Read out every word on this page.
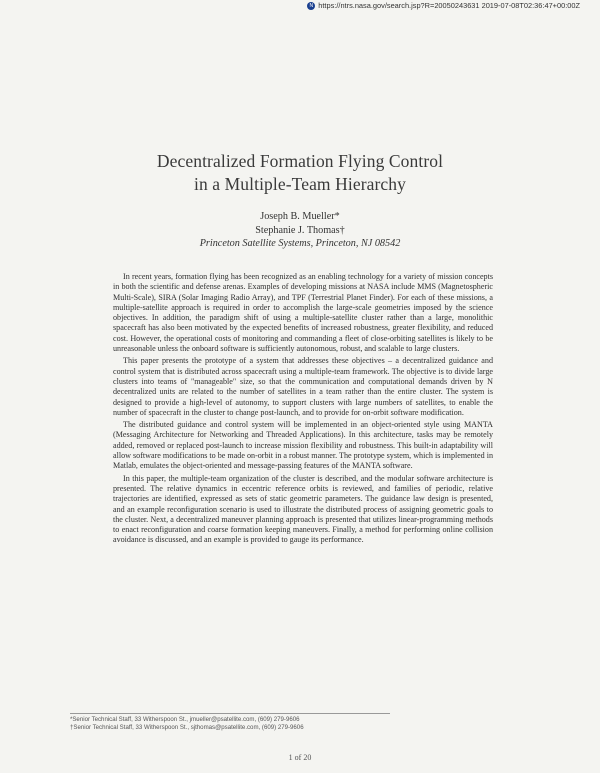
N https://ntrs.nasa.gov/search.jsp?R=20050243631 2019-07-08T02:36:47+00:00Z
Decentralized Formation Flying Control
in a Multiple-Team Hierarchy
Joseph B. Mueller*
Stephanie J. Thomas†
Princeton Satellite Systems, Princeton, NJ 08542

In recent years, formation flying has been recognized as an enabling technology for a variety of mission concepts in both the scientific and defense arenas. Examples of developing missions at NASA include MMS (Magnetospheric Multi-Scale), SIRA (Solar Imaging Radio Array), and TPF (Terrestrial Planet Finder). For each of these missions, a multiple-satellite approach is required in order to accomplish the large-scale geometries imposed by the science objectives. In addition, the paradigm shift of using a multiple-satellite cluster rather than a large, monolithic spacecraft has also been motivated by the expected benefits of increased robustness, greater flexibility, and reduced cost. However, the operational costs of monitoring and commanding a fleet of close-orbiting satellites is likely to be unreasonable unless the onboard software is sufficiently autonomous, robust, and scalable to large clusters.

This paper presents the prototype of a system that addresses these objectives – a decentralized guidance and control system that is distributed across spacecraft using a multiple-team framework. The objective is to divide large clusters into teams of "manageable" size, so that the communication and computational demands driven by N decentralized units are related to the number of satellites in a team rather than the entire cluster. The system is designed to provide a high-level of autonomy, to support clusters with large numbers of satellites, to enable the number of spacecraft in the cluster to change post-launch, and to provide for on-orbit software modification.

The distributed guidance and control system will be implemented in an object-oriented style using MANTA (Messaging Architecture for Networking and Threaded Applications). In this architecture, tasks may be remotely added, removed or replaced post-launch to increase mission flexibility and robustness. This built-in adaptability will allow software modifications to be made on-orbit in a robust manner. The prototype system, which is implemented in Matlab, emulates the object-oriented and message-passing features of the MANTA software.

In this paper, the multiple-team organization of the cluster is described, and the modular software architecture is presented. The relative dynamics in eccentric reference orbits is reviewed, and families of periodic, relative trajectories are identified, expressed as sets of static geometric parameters. The guidance law design is presented, and an example reconfiguration scenario is used to illustrate the distributed process of assigning geometric goals to the cluster. Next, a decentralized maneuver planning approach is presented that utilizes linear-programming methods to enact reconfiguration and coarse formation keeping maneuvers. Finally, a method for performing online collision avoidance is discussed, and an example is provided to gauge its performance.

*Senior Technical Staff, 33 Witherspoon St., jmueller@psatellite.com, (609) 279-9606
†Senior Technical Staff, 33 Witherspoon St., sjthomas@psatellite.com, (609) 279-9606
1 of 20
